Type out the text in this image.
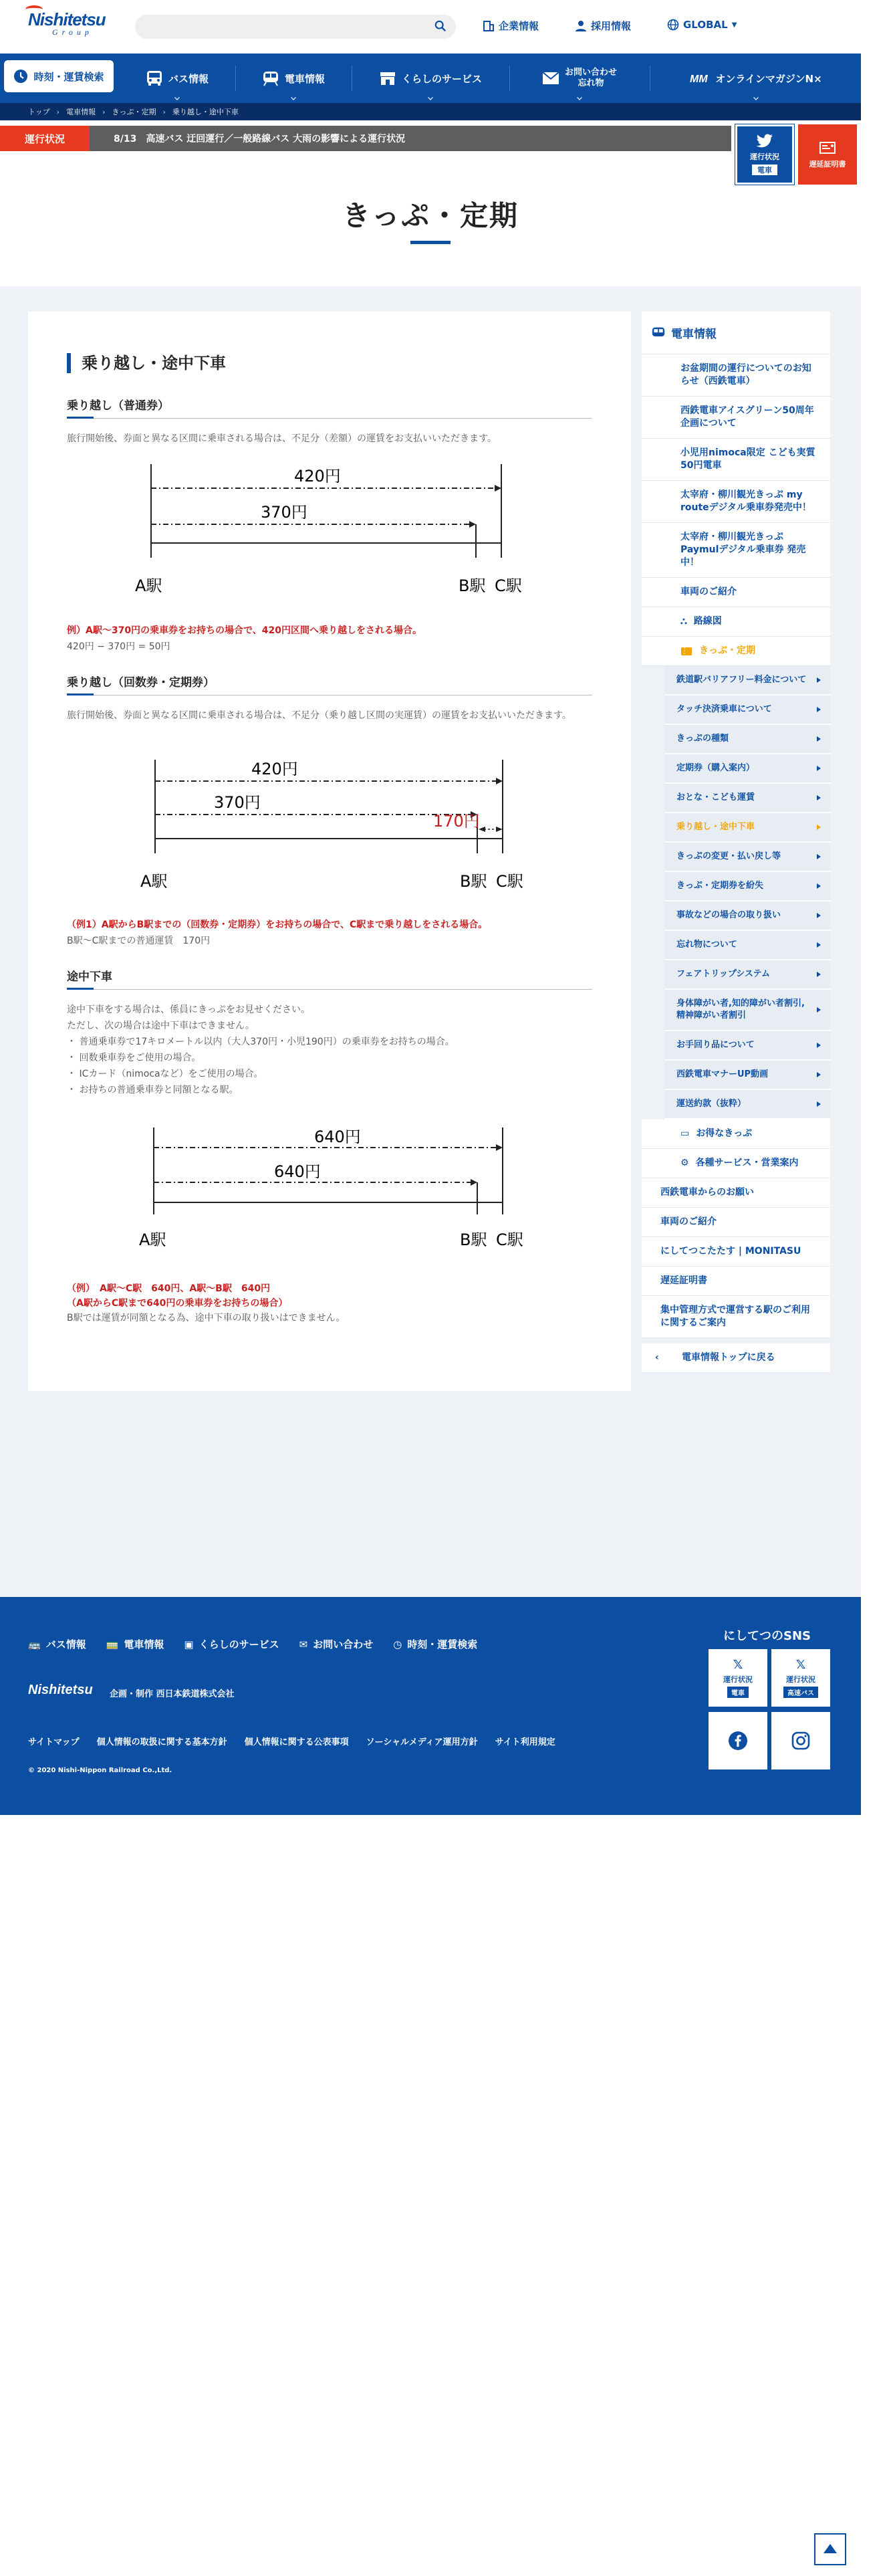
Nishitetsu
Group	企業情報	採用情報	GLOBAL ▼
時刻・運賃検索	バス情報	電車情報	くらしのサービス	お問い合わせ
忘れ物	MM オンラインマガジンN×
トップ › 電車情報 › きっぷ・定期 › 乗り越し・途中下車
運行状況	8/13　高速バス 迂回運行／一般路線バス 大雨の影響による運行状況
運行状況
電車
遅延証明書
きっぷ・定期
乗り越し・途中下車
乗り越し（普通券）
旅行開始後、券面と異なる区間に乗車される場合は、不足分（差額）の運賃をお支払いいただきます。
420円
370円
A駅	B駅 C駅
例）A駅〜370円の乗車券をお持ちの場合で、420円区間へ乗り越しをされる場合。
420円 − 370円 = 50円
乗り越し（回数券・定期券）
旅行開始後、券面と異なる区間に乗車される場合は、不足分（乗り越し区間の実運賃）の運賃をお支払いいただきます。
420円
370円
170円
A駅	B駅 C駅
（例1）A駅からB駅までの（回数券・定期券）をお持ちの場合で、C駅まで乗り越しをされる場合。
B駅〜C駅までの普通運賃　170円
途中下車
途中下車をする場合は、係員にきっぷをお見せください。
ただし、次の場合は途中下車はできません。
・ 普通乗車券で17キロメートル以内（大人370円・小児190円）の乗車券をお持ちの場合。
・ 回数乗車券をご使用の場合。
・ ICカード（nimocaなど）をご使用の場合。
・ お持ちの普通乗車券と同額となる駅。
640円
640円
A駅	B駅 C駅
（例）　A駅〜C駅　640円、A駅〜B駅　640円
（A駅からC駅まで640円の乗車券をお持ちの場合）
B駅では運賃が同額となる為、途中下車の取り扱いはできません。
電車情報
お盆期間の運行についてのお知らせ（西鉄電車）
西鉄電車アイスグリーン50周年企画について
小児用nimoca限定 こども実質50円電車
太宰府・柳川観光きっぷ my routeデジタル乗車券発売中！
太宰府・柳川観光きっぷPaymulデジタル乗車券 発売中！
車両のご紹介
⛬ 路線図
きっぷ・定期
鉄道駅バリアフリー料金について
タッチ決済乗車について
きっぷの種類
定期券（購入案内）
おとな・こども運賃
乗り越し・途中下車
きっぷの変更・払い戻し等
きっぷ・定期券を紛失
事故などの場合の取り扱い
忘れ物について
フェアトリップシステム
身体障がい者,知的障がい者割引, 精神障がい者割引
お手回り品について
西鉄電車マナーUP動画
運送約款（抜粋）
▭ お得なきっぷ
⚙ 各種サービス・営業案内
西鉄電車からのお願い
車両のご紹介
にしてつこたたす | MONITASU
遅延証明書
集中管理方式で運営する駅のご利用に関するご案内
‹ 電車情報トップに戻る
🚌 バス情報 🚃 電車情報 ▣ くらしのサービス ✉ お問い合わせ ◷ 時刻・運賃検索
Nishitetsu 企画・制作 西日本鉄道株式会社
サイトマップ 個人情報の取扱に関する基本方針 個人情報に関する公表事項 ソーシャルメディア運用方針 サイト利用規定
© 2020 Nishi-Nippon Railroad Co.,Ltd.
にしてつのSNS
𝕏
運行状況
電車
𝕏
運行状況
高速バス
